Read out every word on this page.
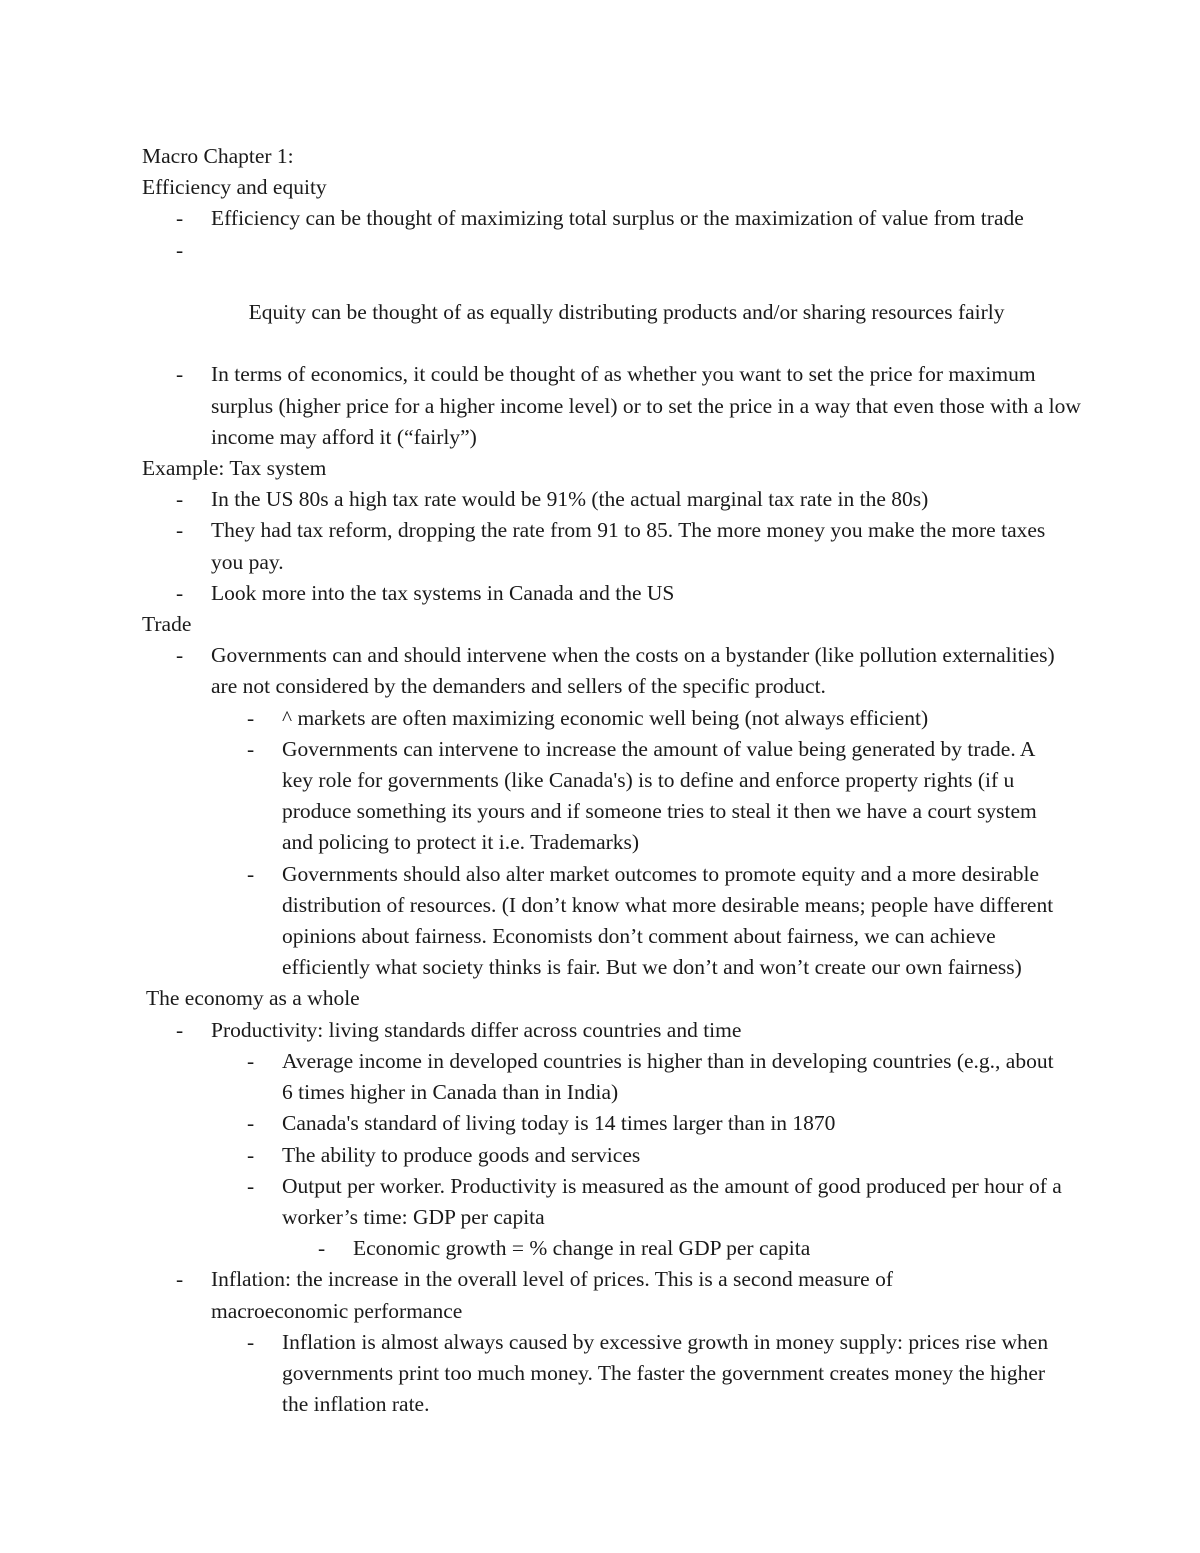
Macro Chapter 1:
Efficiency and equity
- Efficiency can be thought of maximizing total surplus or the maximization of value from trade

-

Equity can be thought of as equally distributing products and/or sharing resources fairly

- In terms of economics, it could be thought of as whether you want to set the price for maximum surplus (higher price for a higher income level) or to set the price in a way that even those with a low income may afford it (“fairly”)
Example: Tax system
- In the US 80s a high tax rate would be 91% (the actual marginal tax rate in the 80s)
- They had tax reform, dropping the rate from 91 to 85. The more money you make the more taxes you pay.
- Look more into the tax systems in Canada and the US
Trade
- Governments can and should intervene when the costs on a bystander (like pollution externalities) are not considered by the demanders and sellers of the specific product.
- ^ markets are often maximizing economic well being (not always efficient)
- Governments can intervene to increase the amount of value being generated by trade. A key role for governments (like Canada's) is to define and enforce property rights (if u produce something its yours and if someone tries to steal it then we have a court system and policing to protect it i.e. Trademarks)
- Governments should also alter market outcomes to promote equity and a more desirable distribution of resources. (I don’t know what more desirable means; people have different opinions about fairness. Economists don’t comment about fairness, we can achieve efficiently what society thinks is fair. But we don’t and won’t create our own fairness)
The economy as a whole
- Productivity: living standards differ across countries and time
- Average income in developed countries is higher than in developing countries (e.g., about 6 times higher in Canada than in India)
- Canada's standard of living today is 14 times larger than in 1870
- The ability to produce goods and services
- Output per worker. Productivity is measured as the amount of good produced per hour of a worker’s time: GDP per capita
- Economic growth = % change in real GDP per capita
- Inflation: the increase in the overall level of prices. This is a second measure of macroeconomic performance
- Inflation is almost always caused by excessive growth in money supply: prices rise when governments print too much money. The faster the government creates money the higher the inflation rate.
